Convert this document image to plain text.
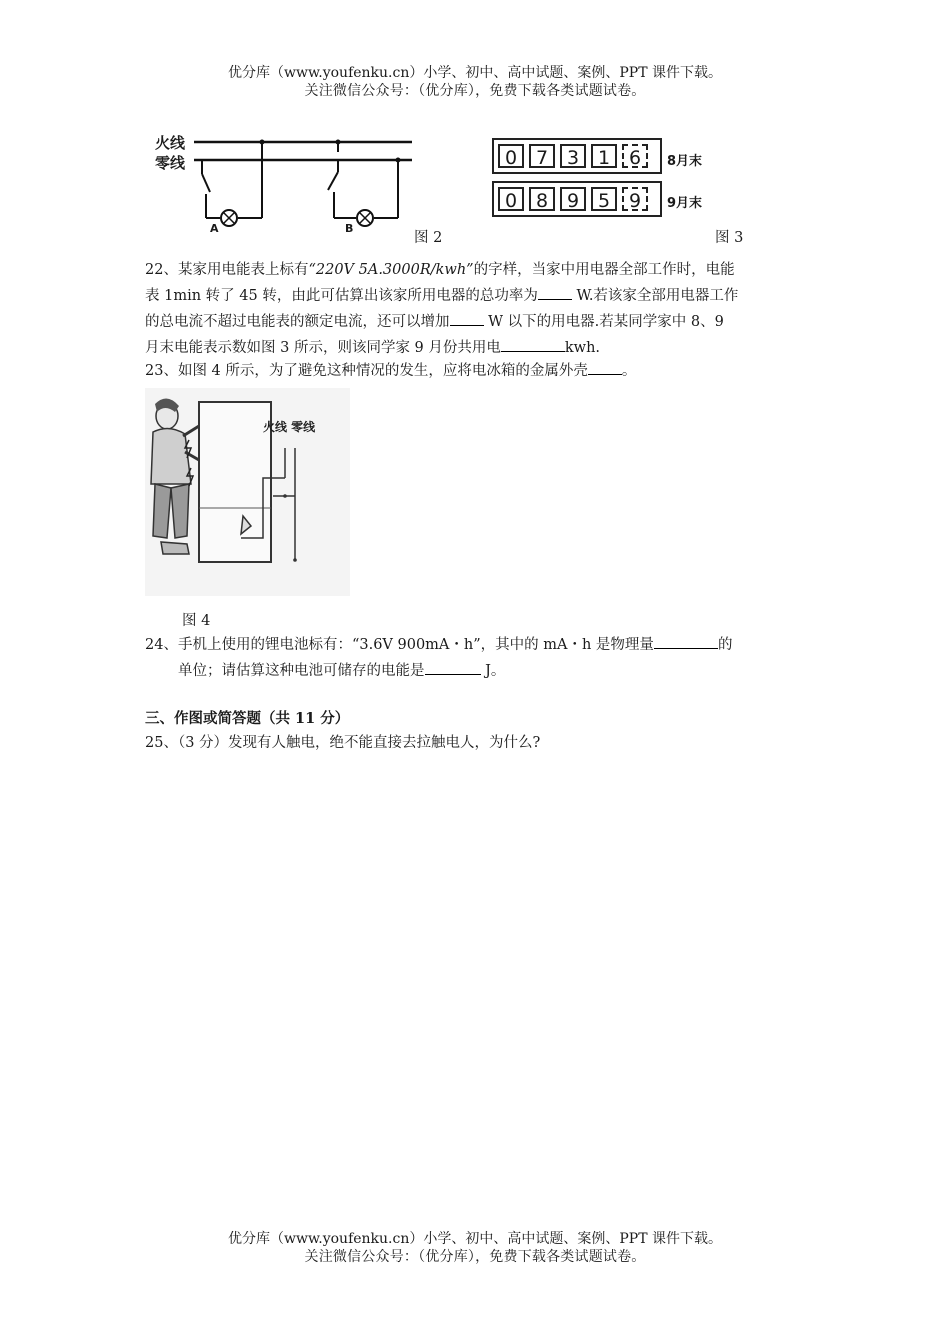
优分库（www.youfenku.cn）小学、初中、高中试题、案例、PPT 课件下载。
关注微信公众号：（优分库），免费下载各类试题试卷。
火线
零线
A	B
图 2
0 7 3 1 6	8月末
0 8 9 5 9	9月末
图 3
22、某家用电能表上标有“220V 5A.3000R/kwh”的字样，当家中用电器全部工作时，电能
表 1min 转了 45 转，由此可估算出该家所用电器的总功率为 W.若该家全部用电器工作
的总电流不超过电能表的额定电流，还可以增加 W 以下的用电器.若某同学家中 8、9
月末电能表示数如图 3 所示，则该同学家 9 月份共用电	kwh.
23、如图 4 所示，为了避免这种情况的发生，应将电冰箱的金属外壳 。
火线 零线
图 4
24、手机上使用的锂电池标有：“3.6V 900mA・h”，其中的 mA・h 是物理量	的
单位；请估算这种电池可储存的电能是	J。
三、作图或简答题（共 11 分）
25、（3 分）发现有人触电，绝不能直接去拉触电人，为什么?
优分库（www.youfenku.cn）小学、初中、高中试题、案例、PPT 课件下载。
关注微信公众号：（优分库），免费下载各类试题试卷。
